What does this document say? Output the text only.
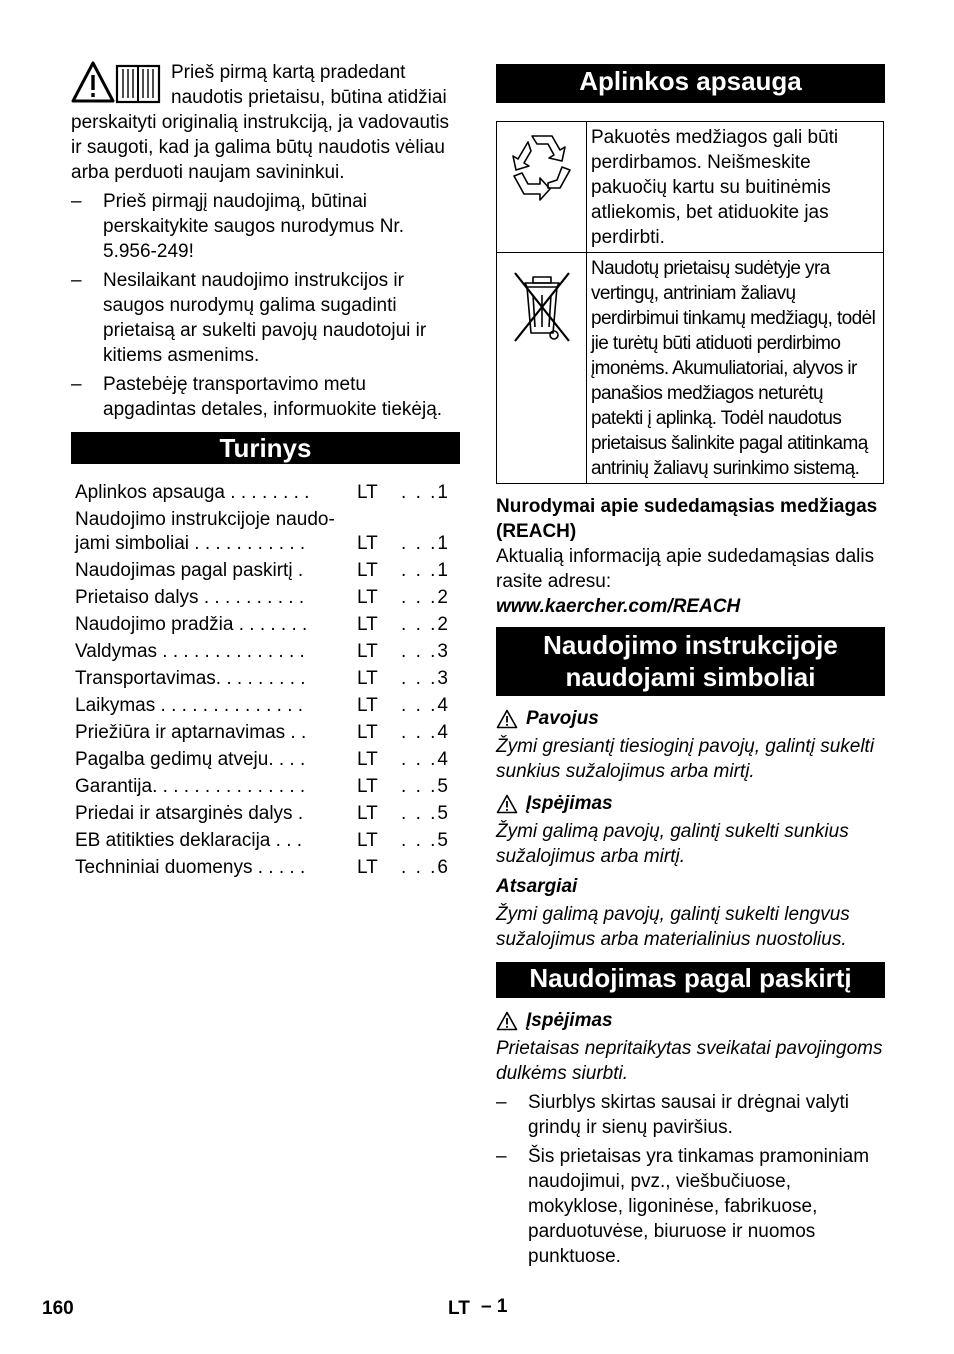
Prieš pirmą kartą pradedant naudotis prietaisu, būtina atidžiai perskaityti originalią instrukciją, ja vadovautis ir saugoti, kad ja galima būtų naudotis vėliau arba perduoti naujam savininkui.

–	Prieš pirmąjį naudojimą, būtinai perskaitykite saugos nurodymus Nr. 5.956-249!
–	Nesilaikant naudojimo instrukcijos ir saugos nurodymų galima sugadinti prietaisą ar sukelti pavojų naudotojui ir kitiems asmenims.
–	Pastebėję transportavimo metu apgadintas detales, informuokite tiekėją.
Turinys
Aplinkos apsauga . . . . . . . .	LT	. . .1
Naudojimo instrukcijoje naudo-
jami simboliai . . . . . . . . . . .	LT	. . .1
Naudojimas pagal paskirtį .	LT	. . .1
Prietaiso dalys . . . . . . . . . .	LT	. . .2
Naudojimo pradžia . . . . . . .	LT	. . .2
Valdymas . . . . . . . . . . . . . .	LT	. . .3
Transportavimas. . . . . . . . .	LT	. . .3
Laikymas . . . . . . . . . . . . . .	LT	. . .4
Priežiūra ir aptarnavimas . .	LT	. . .4
Pagalba gedimų atveju. . . .	LT	. . .4
Garantija. . . . . . . . . . . . . . .	LT	. . .5
Priedai ir atsarginės dalys .	LT	. . .5
EB atitikties deklaracija . . .	LT	. . .5
Techniniai duomenys . . . . .	LT	. . .6
Aplinkos apsauga
	Pakuotės medžiagos gali būti perdirbamos. Neišmeskite pakuočių kartu su buitinėmis atliekomis, bet atiduokite jas perdirbti.
	Naudotų prietaisų sudėtyje yra vertingų, antriniam žaliavų perdirbimui tinkamų medžiagų, todėl jie turėtų būti atiduoti perdirbimo įmonėms. Akumuliatoriai, alyvos ir panašios medžiagos neturėtų patekti į aplinką. Todėl naudotus prietaisus šalinkite pagal atitinkamą antrinių žaliavų surinkimo sistemą.

Nurodymai apie sudedamąsias medžiagas (REACH)

Aktualią informaciją apie sudedamąsias dalis rasite adresu:

www.kaercher.com/REACH

Naudojimo instrukcijoje
naudojami simboliai
Pavojus

Žymi gresiantį tiesioginį pavojų, galintį sukelti sunkius sužalojimus arba mirtį.

Įspėjimas

Žymi galimą pavojų, galintį sukelti sunkius sužalojimus arba mirtį.

Atsargiai

Žymi galimą pavojų, galintį sukelti lengvus sužalojimus arba materialinius nuostolius.

Naudojimas pagal paskirtį
Įspėjimas

Prietaisas nepritaikytas sveikatai pavojingoms dulkėms siurbti.

–	Siurblys skirtas sausai ir drėgnai valyti grindų ir sienų paviršius.
–	Šis prietaisas yra tinkamas pramoniniam naudojimui, pvz., viešbučiuose, mokyklose, ligoninėse, fabrikuose, parduotuvėse, biuruose ir nuomos punktuose.
160	LT – 1
